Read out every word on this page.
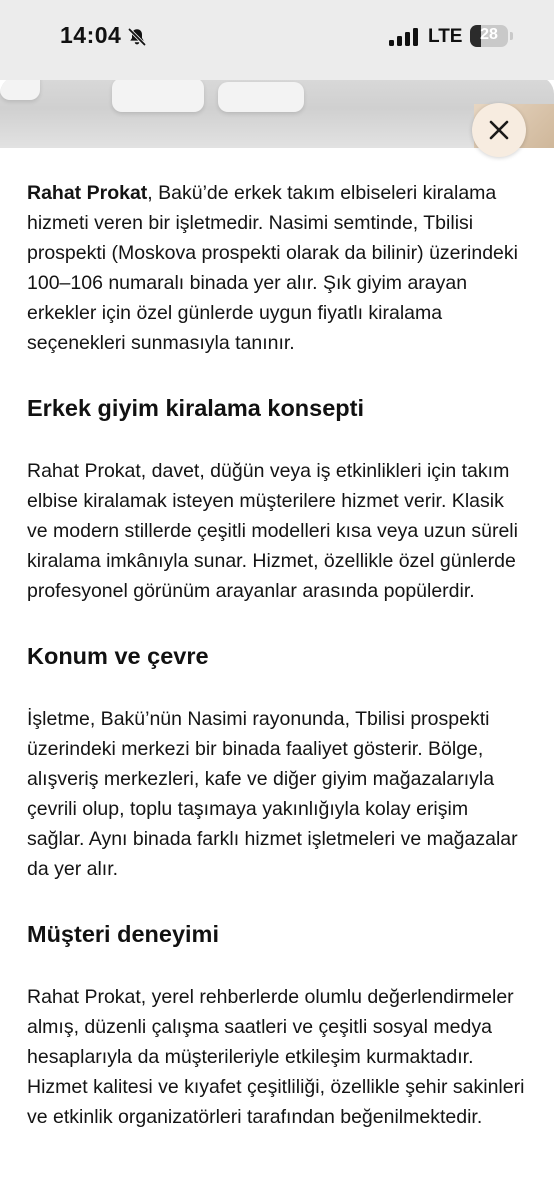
14:04	LTE	28

Rahat Prokat, Bakü’de erkek takım elbiseleri kiralama hizmeti veren bir işletmedir. Nasimi semtinde, Tbilisi prospekti (Moskova prospekti olarak da bilinir) üzerindeki 100–106 numaralı binada yer alır. Şık giyim arayan erkekler için özel günlerde uygun fiyatlı kiralama seçenekleri sunmasıyla tanınır.

Erkek giyim kiralama konsepti

Rahat Prokat, davet, düğün veya iş etkinlikleri için takım elbise kiralamak isteyen müşterilere hizmet verir. Klasik ve modern stillerde çeşitli modelleri kısa veya uzun süreli kiralama imkânıyla sunar. Hizmet, özellikle özel günlerde profesyonel görünüm arayanlar arasında popülerdir.

Konum ve çevre

İşletme, Bakü’nün Nasimi rayonunda, Tbilisi prospekti üzerindeki merkezi bir binada faaliyet gösterir. Bölge, alışveriş merkezleri, kafe ve diğer giyim mağazalarıyla çevrili olup, toplu taşımaya yakınlığıyla kolay erişim sağlar. Aynı binada farklı hizmet işletmeleri ve mağazalar da yer alır.

Müşteri deneyimi

Rahat Prokat, yerel rehberlerde olumlu değerlendirmeler almış, düzenli çalışma saatleri ve çeşitli sosyal medya hesaplarıyla da müşterileriyle etkileşim kurmaktadır. Hizmet kalitesi ve kıyafet çeşitliliği, özellikle şehir sakinleri ve etkinlik organizatörleri tarafından beğenilmektedir.
